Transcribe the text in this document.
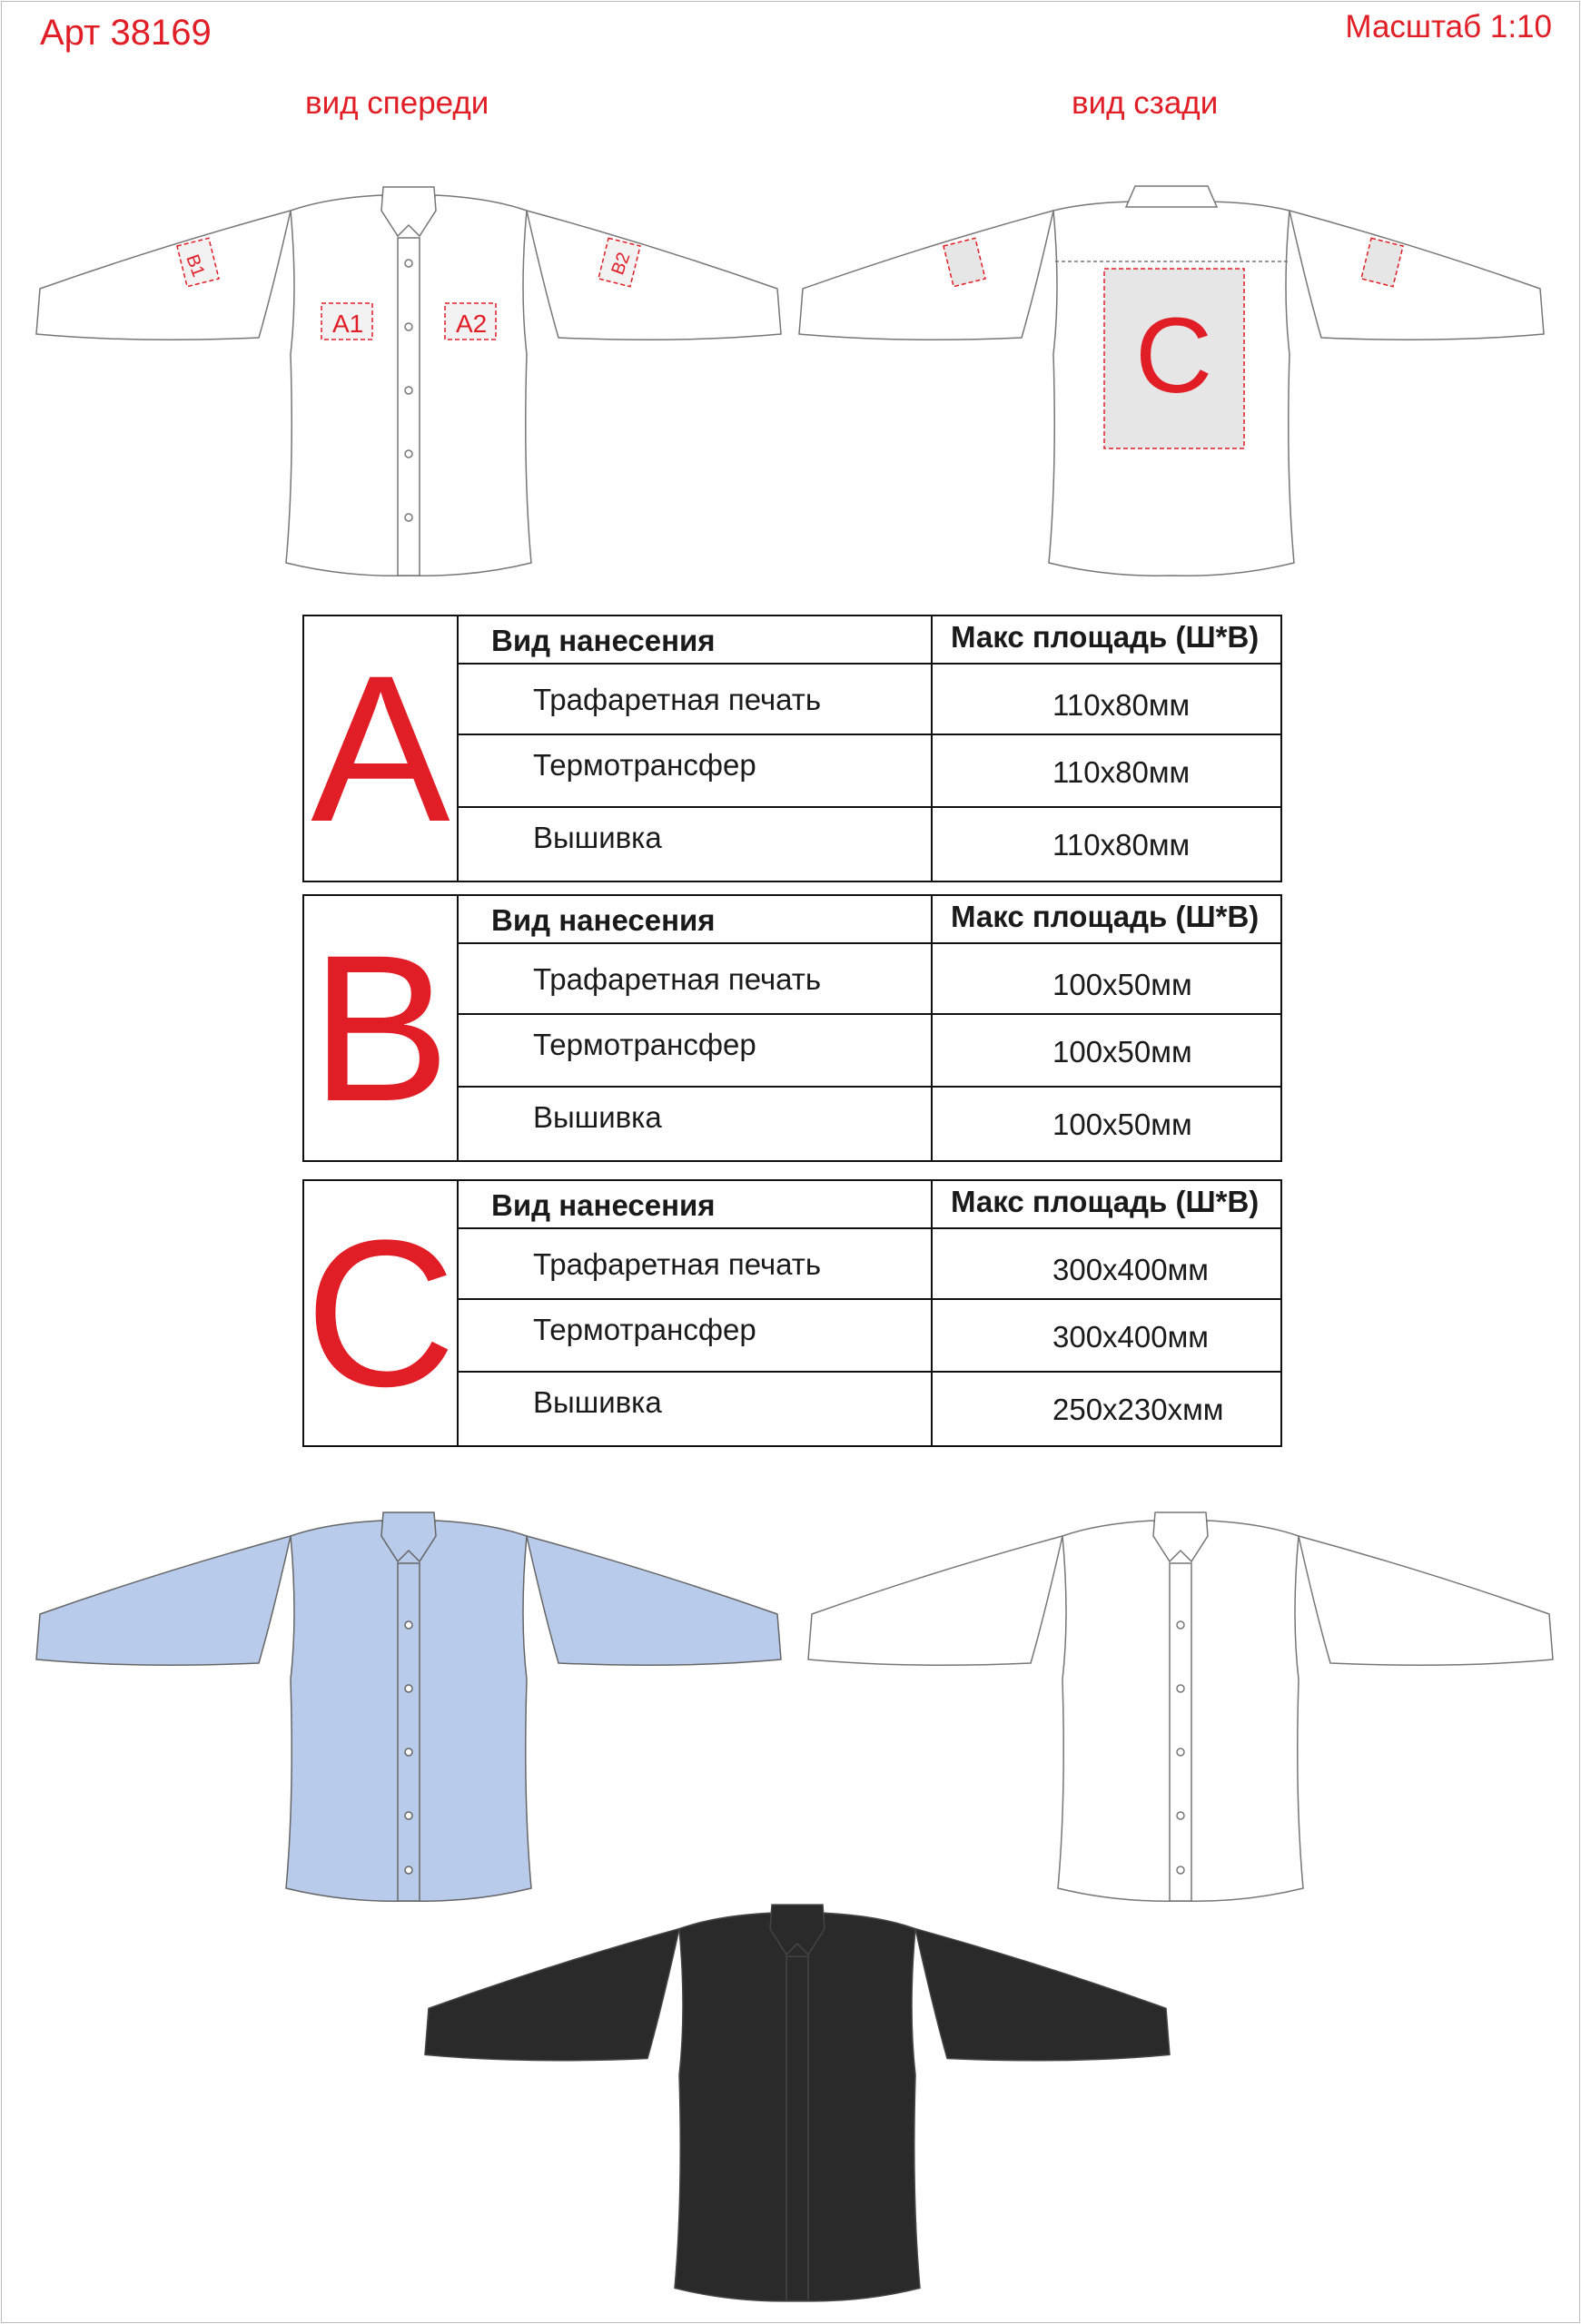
Арт 38169	Масштаб 1:10
вид спереди	вид сзади
A1	A2
B1	B2
C
A Вид нанесения	Макс площадь (Ш*В)
Трафаретная печать	110х80мм
Термотрансфер	110х80мм
Вышивка	110х80мм
B Вид нанесения	Макс площадь (Ш*В)
Трафаретная печать	100х50мм
Термотрансфер	100х50мм
Вышивка	100х50мм
C Вид нанесения	Макс площадь (Ш*В)
Трафаретная печать	300х400мм
Термотрансфер	300х400мм
Вышивка	250х230хмм
